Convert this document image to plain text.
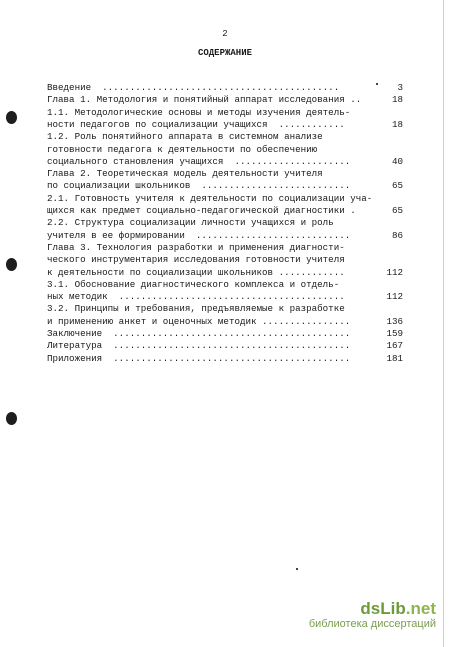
2
СОДЕРЖАНИЕ
Введение  ...........................................	3
Глава 1. Методология и понятийный аппарат исследования ..	18
1.1. Методологические основы и методы изучения деятель-
ности педагогов по социализации учащихся  ............	18
1.2. Роль понятийного аппарата в системном анализе
готовности педагога к деятельности по обеспечению
социального становления учащихся  .....................	40
Глава 2. Теоретическая модель деятельности учителя
по социализации школьников  ...........................	65
2.1. Готовность учителя к деятельности по социализации уча-
щихся как предмет социально-педагогической диагностики .	65
2.2. Структура социализации личности учащихся и роль
учителя в ее формировании  ............................	86
Глава 3. Технология разработки и применения диагности-
ческого инструментария исследования готовности учителя
к деятельности по социализации школьников ............	112
3.1. Обоснование диагностического комплекса и отдель-
ных методик  .........................................	112
3.2. Принципы и требования, предъявляемые к разработке
и применению анкет и оценочных методик ................	136
Заключение  ...........................................	159
Литература  ...........................................	167
Приложения  ...........................................	181
dsLib.net
библиотека диссертаций
